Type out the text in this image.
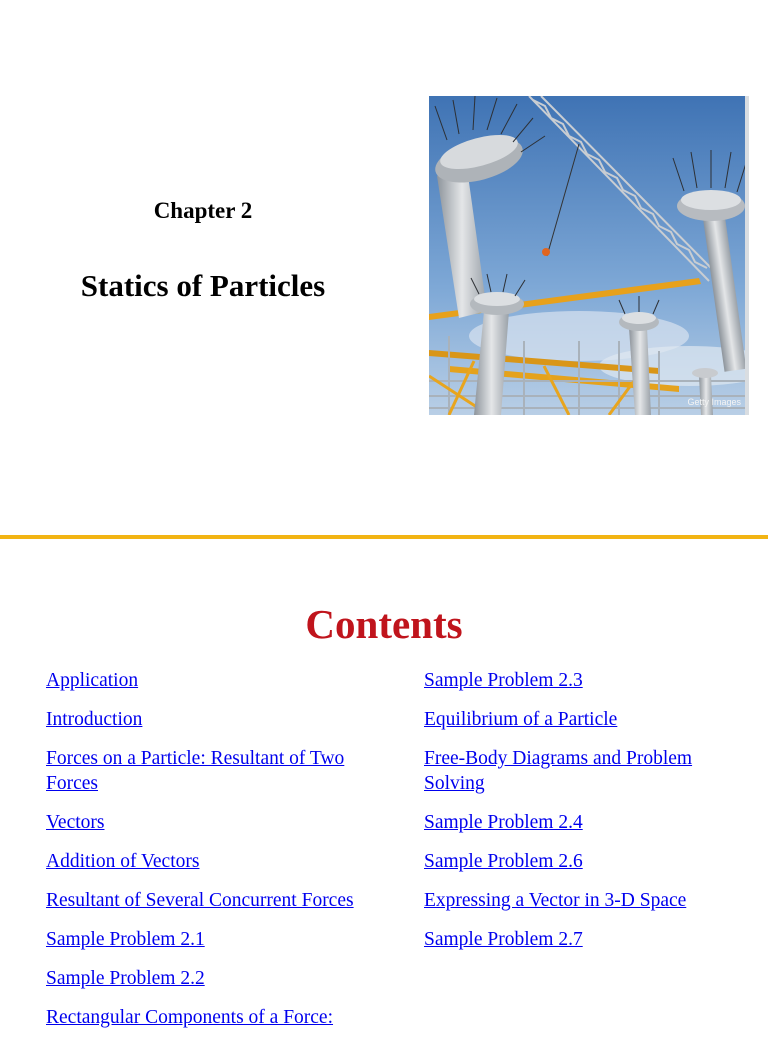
Chapter 2
Statics of Particles
Getty Images
Contents
Application
Introduction
Forces on a Particle: Resultant of Two Forces
Vectors
Addition of Vectors
Resultant of Several Concurrent Forces
Sample Problem 2.1
Sample Problem 2.2
Rectangular Components of a Force:
Sample Problem 2.3
Equilibrium of a Particle
Free-Body Diagrams and Problem Solving
Sample Problem 2.4
Sample Problem 2.6
Expressing a Vector in 3-D Space
Sample Problem 2.7
